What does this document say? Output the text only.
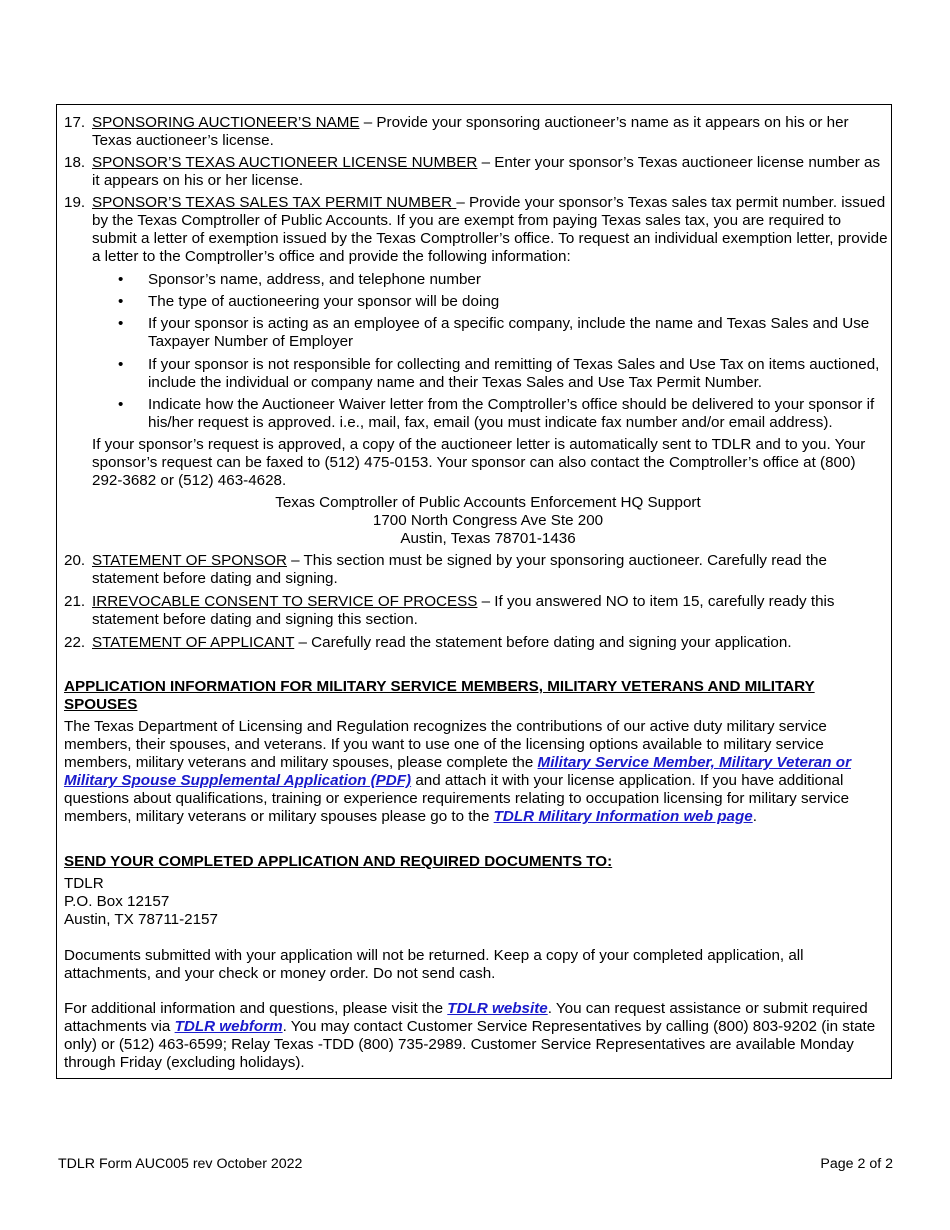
17. SPONSORING AUCTIONEER’S NAME – Provide your sponsoring auctioneer’s name as it appears on his or her Texas auctioneer’s license.
18. SPONSOR’S TEXAS AUCTIONEER LICENSE NUMBER – Enter your sponsor’s Texas auctioneer license number as it appears on his or her license.
19. SPONSOR’S TEXAS SALES TAX PERMIT NUMBER – Provide your sponsor’s Texas sales tax permit number. issued by the Texas Comptroller of Public Accounts. If you are exempt from paying Texas sales tax, you are required to submit a letter of exemption issued by the Texas Comptroller’s office. To request an individual exemption letter, provide a letter to the Comptroller’s office and provide the following information:
• Sponsor’s name, address, and telephone number
• The type of auctioneering your sponsor will be doing
• If your sponsor is acting as an employee of a specific company, include the name and Texas Sales and Use Taxpayer Number of Employer
• If your sponsor is not responsible for collecting and remitting of Texas Sales and Use Tax on items auctioned, include the individual or company name and their Texas Sales and Use Tax Permit Number.
• Indicate how the Auctioneer Waiver letter from the Comptroller’s office should be delivered to your sponsor if his/her request is approved. i.e., mail, fax, email (you must indicate fax number and/or email address).
If your sponsor’s request is approved, a copy of the auctioneer letter is automatically sent to TDLR and to you. Your sponsor’s request can be faxed to (512) 475-0153. Your sponsor can also contact the Comptroller’s office at (800) 292-3682 or (512) 463-4628.
Texas Comptroller of Public Accounts Enforcement HQ Support
1700 North Congress Ave Ste 200
Austin, Texas 78701-1436
20. STATEMENT OF SPONSOR – This section must be signed by your sponsoring auctioneer. Carefully read the statement before dating and signing.
21. IRREVOCABLE CONSENT TO SERVICE OF PROCESS – If you answered NO to item 15, carefully ready this statement before dating and signing this section.
22. STATEMENT OF APPLICANT – Carefully read the statement before dating and signing your application.
APPLICATION INFORMATION FOR MILITARY SERVICE MEMBERS, MILITARY VETERANS AND MILITARY SPOUSES
The Texas Department of Licensing and Regulation recognizes the contributions of our active duty military service members, their spouses, and veterans. If you want to use one of the licensing options available to military service members, military veterans and military spouses, please complete the Military Service Member, Military Veteran or Military Spouse Supplemental Application (PDF) and attach it with your license application. If you have additional questions about qualifications, training or experience requirements relating to occupation licensing for military service members, military veterans or military spouses please go to the TDLR Military Information web page.
SEND YOUR COMPLETED APPLICATION AND REQUIRED DOCUMENTS TO:
TDLR
P.O. Box 12157
Austin, TX 78711-2157
Documents submitted with your application will not be returned. Keep a copy of your completed application, all attachments, and your check or money order. Do not send cash.
For additional information and questions, please visit the TDLR website. You can request assistance or submit required attachments via TDLR webform. You may contact Customer Service Representatives by calling (800) 803-9202 (in state only) or (512) 463-6599; Relay Texas -TDD (800) 735-2989. Customer Service Representatives are available Monday through Friday (excluding holidays).
TDLR Form AUC005 rev October 2022	Page 2 of 2
